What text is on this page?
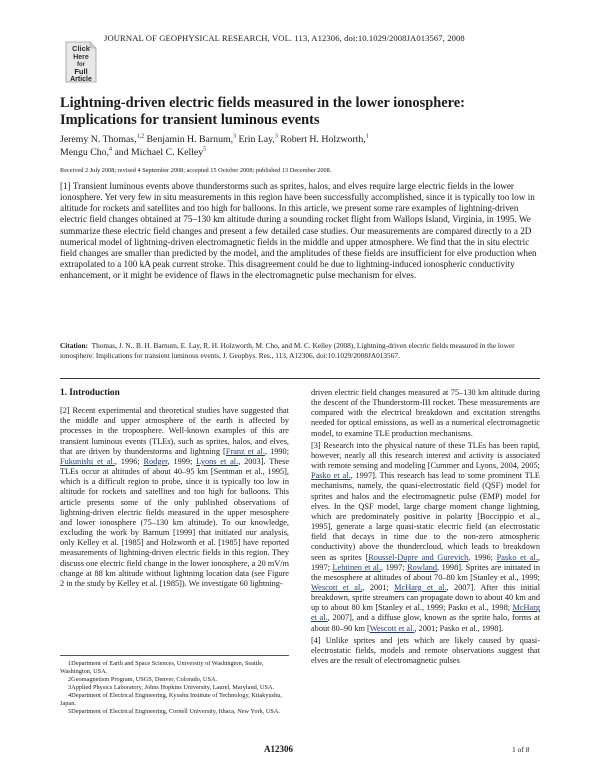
Click
Here
for
Full
Article
JOURNAL OF GEOPHYSICAL RESEARCH, VOL. 113, A12306, doi:10.1029/2008JA013567, 2008
Lightning-driven electric fields measured in the lower ionosphere: Implications for transient luminous events
Jeremy N. Thomas,$^{1,2}$ Benjamin H. Barnum,$^3$ Erin Lay,$^3$ Robert H. Holzworth,$^1$
Mengu Cho,$^4$ and Michael C. Kelley$^5$
Received 2 July 2008; revised 4 September 2008; accepted 15 October 2008; published 13 December 2008.
[1] Transient luminous events above thunderstorms such as sprites, halos, and elves require large electric fields in the lower ionosphere. Yet very few in situ measurements in this region have been successfully accomplished, since it is typically too low in altitude for rockets and satellites and too high for balloons. In this article, we present some rare examples of lightning-driven electric field changes obtained at 75–130 km altitude during a sounding rocket flight from Wallops Island, Virginia, in 1995. We summarize these electric field changes and present a few detailed case studies. Our measurements are compared directly to a 2D numerical model of lightning-driven electromagnetic fields in the middle and upper atmosphere. We find that the in situ electric field changes are smaller than predicted by the model, and the amplitudes of these fields are insufficient for elve production when extrapolated to a 100 kA peak current stroke. This disagreement could be due to lightning-induced ionospheric conductivity enhancement, or it might be evidence of flaws in the electromagnetic pulse mechanism for elves.
Citation: Thomas, J. N., B. H. Barnum, E. Lay, R. H. Holzworth, M. Cho, and M. C. Kelley (2008), Lightning-driven electric fields measured in the lower ionosphere: Implications for transient luminous events, J. Geophys. Res., 113, A12306, doi:10.1029/2008JA013567.
1. Introduction

[2] Recent experimental and theoretical studies have suggested that the middle and upper atmosphere of the earth is affected by processes in the troposphere. Well-known examples of this are transient luminous events (TLEs), such as sprites, halos, and elves, that are driven by thunderstorms and lightning [Franz et al., 1990; Fukunishi et al., 1996; Rodger, 1999; Lyons et al., 2003]. These TLEs occur at altitudes of about 40–95 km [Sentman et al., 1995], which is a difficult region to probe, since it is typically too low in altitude for rockets and satellites and too high for balloons. This article presents some of the only published observations of lightning-driven electric fields measured in the upper mesosphere and lower ionosphere (75–130 km altitude). To our knowledge, excluding the work by Barnum [1999] that initiated our analysis, only Kelley et al. [1985] and Holzworth et al. [1985] have reported measurements of lightning-driven electric fields in this region. They discuss one electric field change in the lower ionosphere, a 20 mV/m change at 88 km altitude without lightning location data (see Figure 2 in the study by Kelley et al. [1985]). We investigate 60 lightning-

1Department of Earth and Space Sciences, University of Washington, Seattle, Washington, USA.

2Geomagnetism Program, USGS, Denver, Colorado, USA.

3Applied Physics Laboratory, Johns Hopkins University, Laurel, Maryland, USA.

4Department of Electrical Engineering, Kyushu Institute of Technology, Kitakyushu, Japan.

5Department of Electrical Engineering, Cornell University, Ithaca, New York, USA.

driven electric field changes measured at 75–130 km altitude during the descent of the Thunderstorm-III rocket. These measurements are compared with the electrical breakdown and excitation strengths needed for optical emissions, as well as a numerical electromagnetic model, to examine TLE production mechanisms.

[3] Research into the physical nature of these TLEs has been rapid, however, nearly all this research interest and activity is associated with remote sensing and modeling [Cummer and Lyons, 2004, 2005; Pasko et al., 1997]. This research has lead to some prominent TLE mechanisms, namely, the quasi-electrostatic field (QSF) model for sprites and halos and the electromagnetic pulse (EMP) model for elves. In the QSF model, large charge moment change lightning, which are predominately positive in polarity [Boccippio et al., 1995], generate a large quasi-static electric field (an electrostatic field that decays in time due to the non-zero atmospheric conductivity) above the thundercloud, which leads to breakdown seen as sprites [Roussel-Dupre and Gurevich, 1996; Pasko et al., 1997; Lehtinen et al., 1997; Rowland, 1998]. Sprites are initiated in the mesosphere at altitudes of about 70–80 km [Stanley et al., 1999; Wescott et al., 2001; McHarg et al., 2007]. After this initial breakdown, sprite streamers can propagate down to about 40 km and up to about 80 km [Stanley et al., 1999; Pasko et al., 1998; McHarg et al., 2007], and a diffuse glow, known as the sprite halo, forms at about 80–90 km [Wescott et al., 2001; Pasko et al., 1998].

[4] Unlike sprites and jets which are likely caused by quasi-electrostatic fields, models and remote observations suggest that elves are the result of electromagnetic pulses

A12306	1 of 8
